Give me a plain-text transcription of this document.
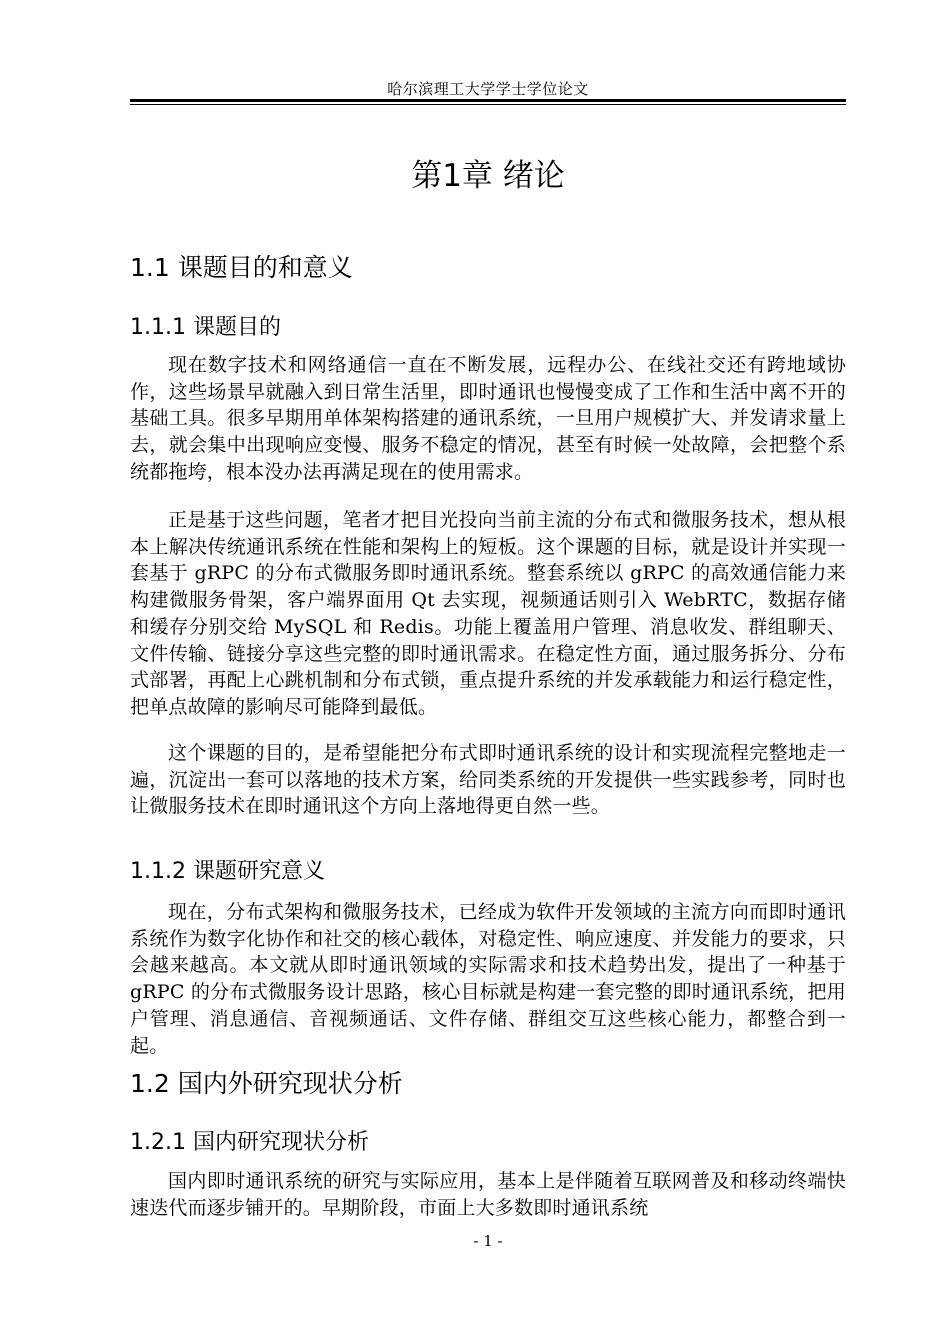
哈尔滨理工大学学士学位论文
第1章 绪论
1.1 课题目的和意义
1.1.1 课题目的

现在数字技术和网络通信一直在不断发展，远程办公、在线社交还有跨地域协作，这些场景早就融入到日常生活里，即时通讯也慢慢变成了工作和生活中离不开的基础工具。很多早期用单体架构搭建的通讯系统，一旦用户规模扩大、并发请求量上去，就会集中出现响应变慢、服务不稳定的情况，甚至有时候一处故障，会把整个系统都拖垮，根本没办法再满足现在的使用需求。

正是基于这些问题，笔者才把目光投向当前主流的分布式和微服务技术，想从根本上解决传统通讯系统在性能和架构上的短板。这个课题的目标，就是设计并实现一套基于 gRPC 的分布式微服务即时通讯系统。整套系统以 gRPC 的高效通信能力来构建微服务骨架，客户端界面用 Qt 去实现，视频通话则引入 WebRTC，数据存储和缓存分别交给 MySQL 和 Redis。功能上覆盖用户管理、消息收发、群组聊天、文件传输、链接分享这些完整的即时通讯需求。在稳定性方面，通过服务拆分、分布式部署，再配上心跳机制和分布式锁，重点提升系统的并发承载能力和运行稳定性，把单点故障的影响尽可能降到最低。

这个课题的目的，是希望能把分布式即时通讯系统的设计和实现流程完整地走一遍，沉淀出一套可以落地的技术方案，给同类系统的开发提供一些实践参考，同时也让微服务技术在即时通讯这个方向上落地得更自然一些。

1.1.2 课题研究意义

现在，分布式架构和微服务技术，已经成为软件开发领域的主流方向而即时通讯系统作为数字化协作和社交的核心载体，对稳定性、响应速度、并发能力的要求，只会越来越高。本文就从即时通讯领域的实际需求和技术趋势出发，提出了一种基于 gRPC 的分布式微服务设计思路，核心目标就是构建一套完整的即时通讯系统，把用户管理、消息通信、音视频通话、文件存储、群组交互这些核心能力，都整合到一起。

1.2 国内外研究现状分析
1.2.1 国内研究现状分析

国内即时通讯系统的研究与实际应用，基本上是伴随着互联网普及和移动终端快速迭代而逐步铺开的。早期阶段，市面上大多数即时通讯系统

- 1 -
